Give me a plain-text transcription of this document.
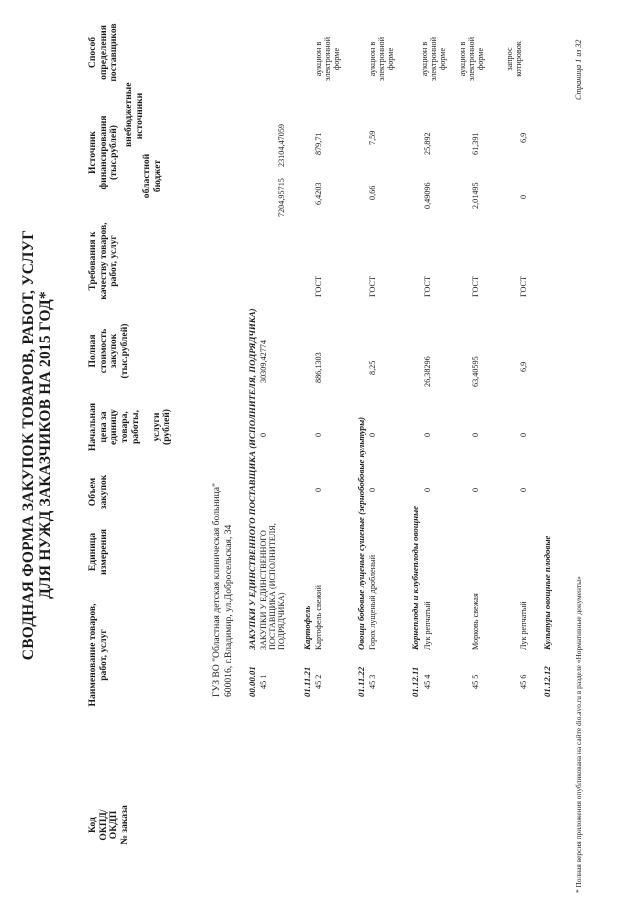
СВОДНАЯ ФОРМА ЗАКУПОК ТОВАРОВ, РАБОТ, УСЛУГ ДЛЯ НУЖД ЗАКАЗЧИКОВ НА 2015 ГОД*
Код ОКПД/ ОКДП № заказа
Наименование товаров, работ, услуг
Единица измерения
Объем закупок
Начальная цена за единицу товара, работы, услуги (рублей)
Полная стоимость закупок (тыс.рублей)
Требования к качеству товаров, работ, услуг
Источник финансирования (тыс.рублей) областной бюджет
внебюджетные источники
Способ определения поставщиков
ГУЗ ВО "Областная детская клиническая больница" 600016, г.Владимир, ул.Добросельская, 34 00.00.01
ЗАКУПКИ У ЕДИНСТВЕННОГО ПОСТАВЩИКА (ИСПОЛНИТЕЛЯ, ПОДРЯДЧИКА)
45 1
ЗАКУПКИ У ЕДИНСТВЕННОГО ПОСТАВЩИКА (ИСПОЛНИТЕЛЯ, ПОДРЯДЧИКА)
0
30309,42774
7204,95715
23104,47059
01.11.21
Картофель
45 2
Картофель свежий
0
0
886,1303
ГОСТ
6,4203
879,71
аукцион в электронной форме
01.11.22
Овощи бобовые лущеные сушеные (зернобобовые культуры)
45 3
Горох лущеный дробленый
0
0
8,25
ГОСТ
0,66
7,59
аукцион в электронной форме
01.12.11
Корнеплоды и клубнеплоды овощные
45 4
Лук репчатый
0
0
26,38296
ГОСТ
0,49096
25,892
аукцион в электронной форме
45 5
Морковь свежая
0
0
63,40595
ГОСТ
2,01495
61,391
аукцион в электронной форме
45 6
Лук репчатый
0
0
6,9
ГОСТ
0
6,9
запрос котировок
01.12.12
Культуры овощные плодовые	* Полная версия приложения опубликована на сайте dio.avo.ru в разделе «Нормативные документы»
Страница 1 из 32
